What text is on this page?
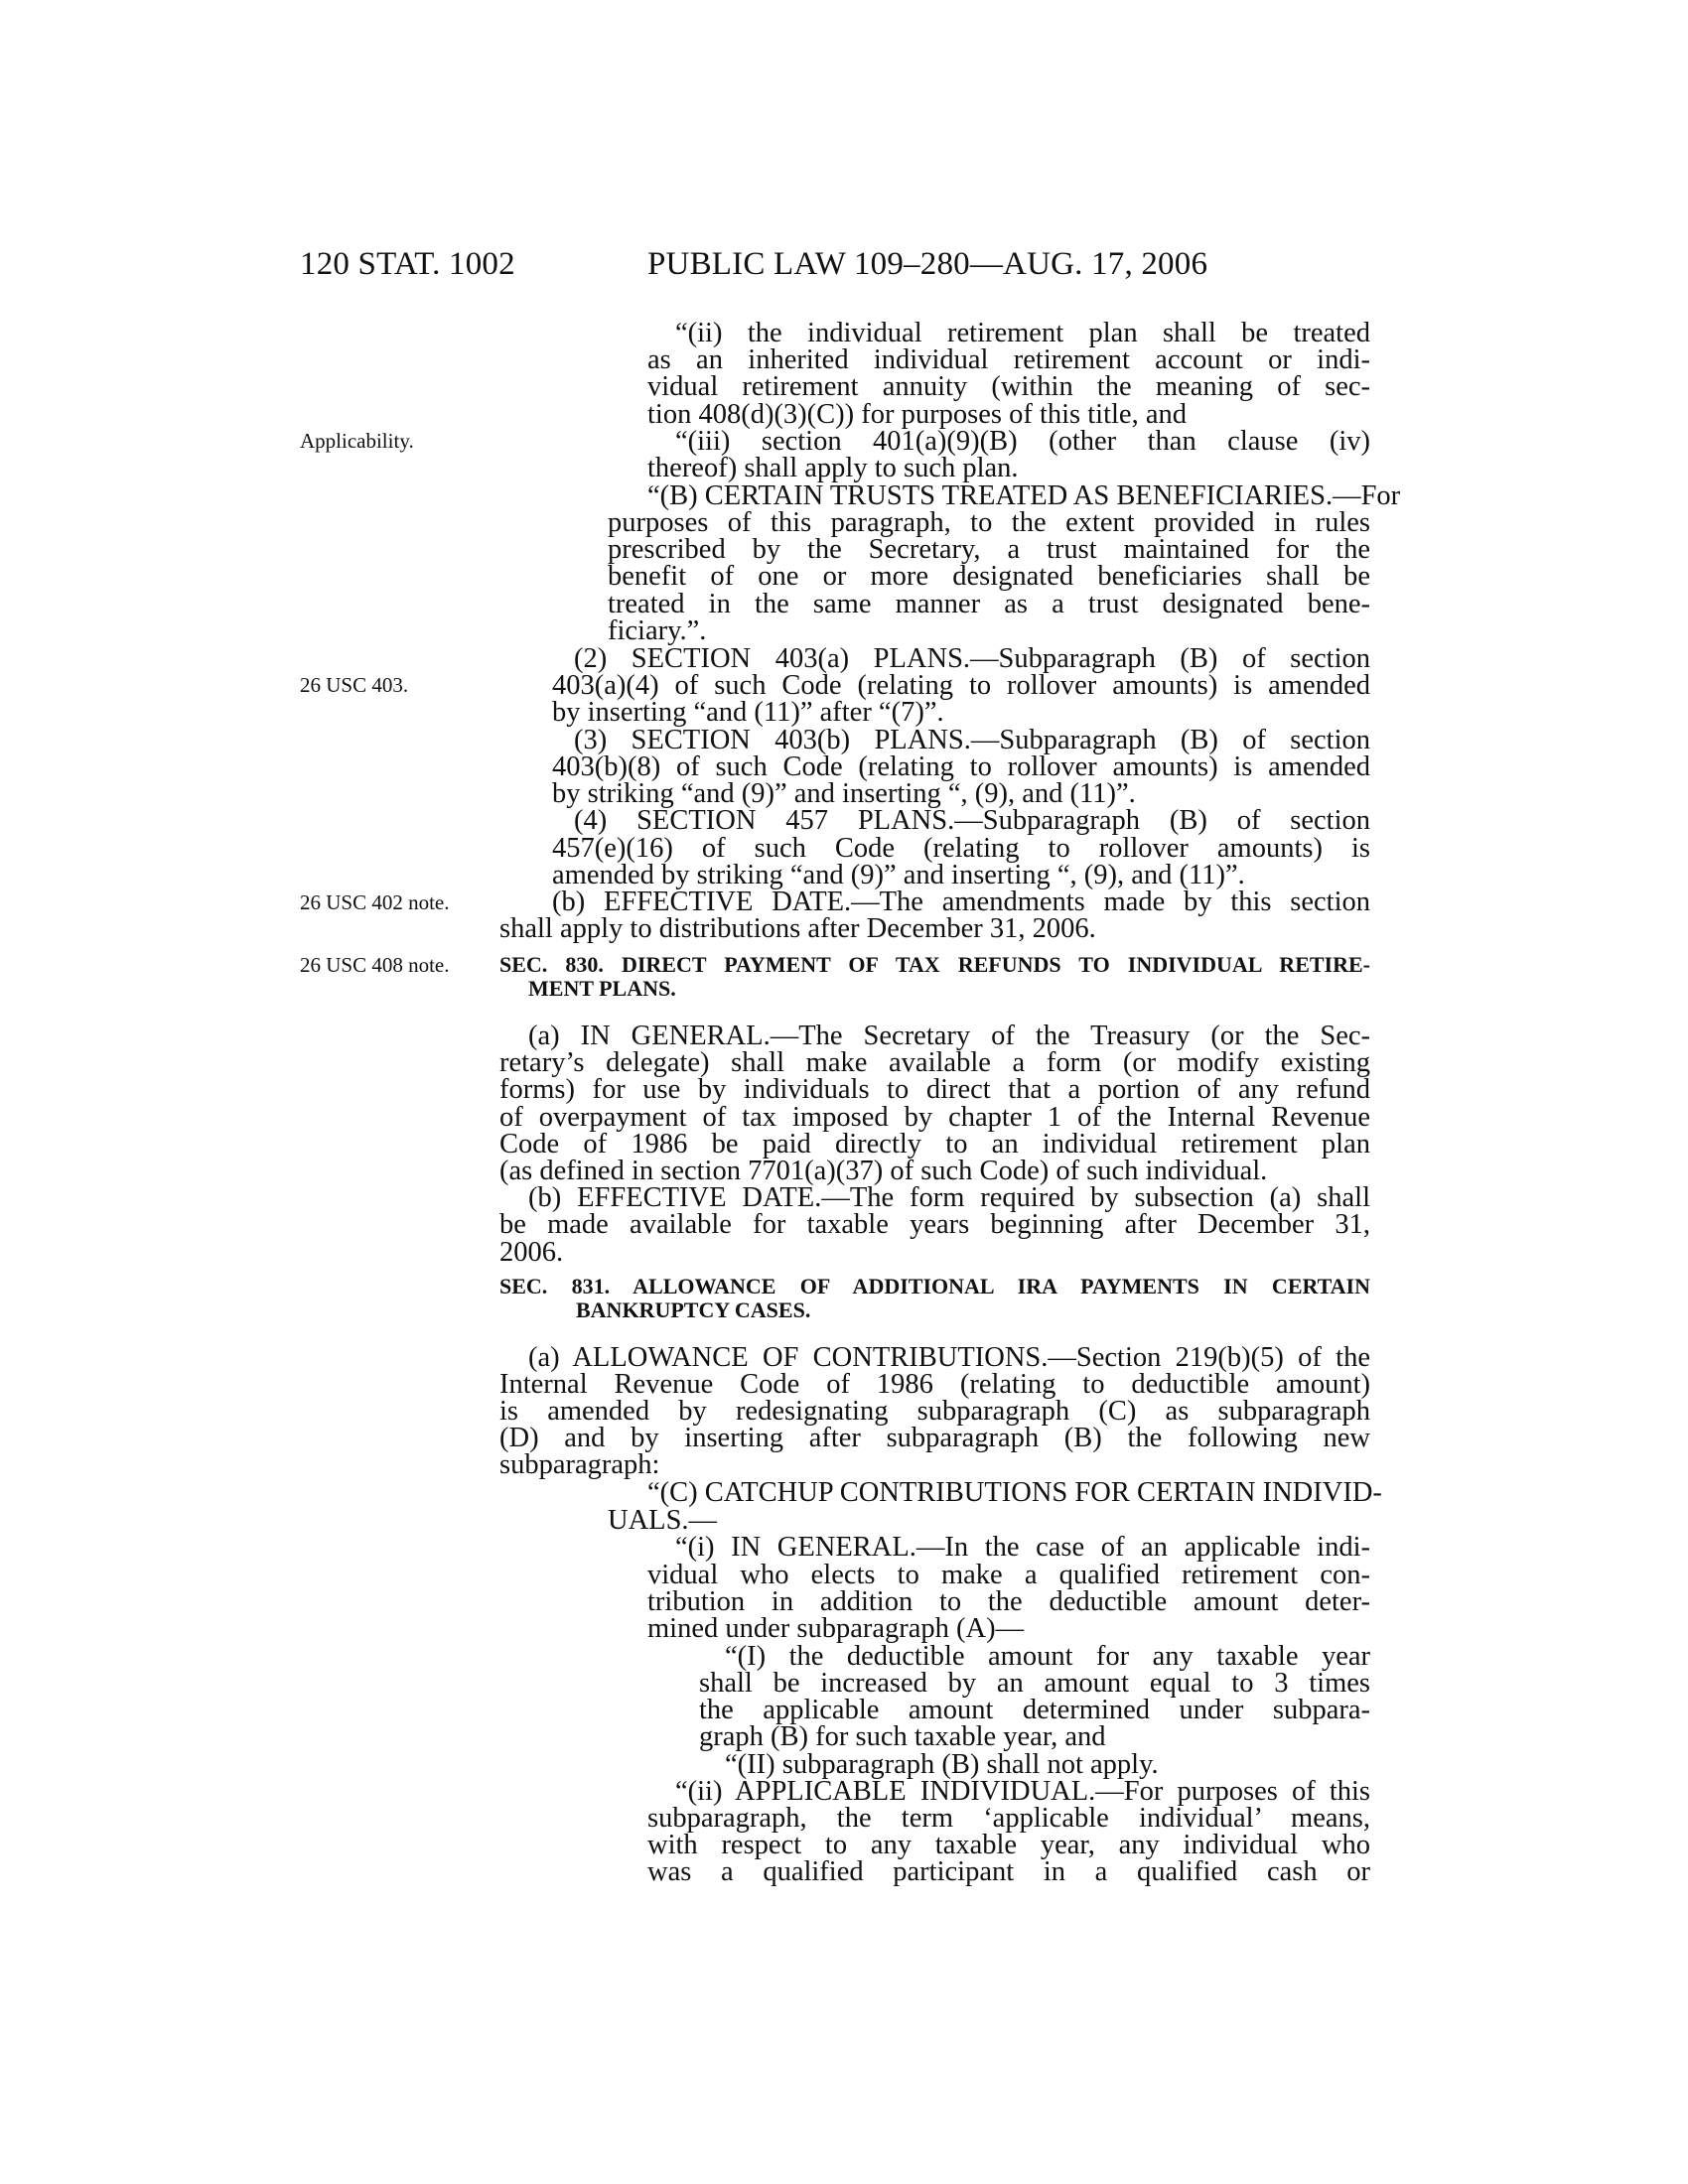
120 STAT. 1002	PUBLIC LAW 109–280—AUG. 17, 2006
Applicability.
26 USC 403.
26 USC 402 note.
26 USC 408 note.
“(ii) the individual retirement plan shall be treated
as an inherited individual retirement account or indi-
vidual retirement annuity (within the meaning of sec-
tion 408(d)(3)(C)) for purposes of this title, and
“(iii) section 401(a)(9)(B) (other than clause (iv)
thereof) shall apply to such plan.
“(B) CERTAIN TRUSTS TREATED AS BENEFICIARIES.—For
purposes of this paragraph, to the extent provided in rules
prescribed by the Secretary, a trust maintained for the
benefit of one or more designated beneficiaries shall be
treated in the same manner as a trust designated bene-
ficiary.”.
(2) SECTION 403(a) PLANS.—Subparagraph (B) of section
403(a)(4) of such Code (relating to rollover amounts) is amended
by inserting “and (11)” after “(7)”.
(3) SECTION 403(b) PLANS.—Subparagraph (B) of section
403(b)(8) of such Code (relating to rollover amounts) is amended
by striking “and (9)” and inserting “, (9), and (11)”.
(4) SECTION 457 PLANS.—Subparagraph (B) of section
457(e)(16) of such Code (relating to rollover amounts) is
amended by striking “and (9)” and inserting “, (9), and (11)”.
(b) EFFECTIVE DATE.—The amendments made by this section
shall apply to distributions after December 31, 2006.
SEC. 830. DIRECT PAYMENT OF TAX REFUNDS TO INDIVIDUAL RETIRE-
MENT PLANS.
(a) IN GENERAL.—The Secretary of the Treasury (or the Sec-
retary’s delegate) shall make available a form (or modify existing
forms) for use by individuals to direct that a portion of any refund
of overpayment of tax imposed by chapter 1 of the Internal Revenue
Code of 1986 be paid directly to an individual retirement plan
(as defined in section 7701(a)(37) of such Code) of such individual.
(b) EFFECTIVE DATE.—The form required by subsection (a) shall
be made available for taxable years beginning after December 31,
2006.
SEC. 831. ALLOWANCE OF ADDITIONAL IRA PAYMENTS IN CERTAIN
BANKRUPTCY CASES.
(a) ALLOWANCE OF CONTRIBUTIONS.—Section 219(b)(5) of the
Internal Revenue Code of 1986 (relating to deductible amount)
is amended by redesignating subparagraph (C) as subparagraph
(D) and by inserting after subparagraph (B) the following new
subparagraph:
“(C) CATCHUP CONTRIBUTIONS FOR CERTAIN INDIVID-
UALS.—
“(i) IN GENERAL.—In the case of an applicable indi-
vidual who elects to make a qualified retirement con-
tribution in addition to the deductible amount deter-
mined under subparagraph (A)—
“(I) the deductible amount for any taxable year
shall be increased by an amount equal to 3 times
the applicable amount determined under subpara-
graph (B) for such taxable year, and
“(II) subparagraph (B) shall not apply.
“(ii) APPLICABLE INDIVIDUAL.—For purposes of this
subparagraph, the term ‘applicable individual’ means,
with respect to any taxable year, any individual who
was a qualified participant in a qualified cash or
